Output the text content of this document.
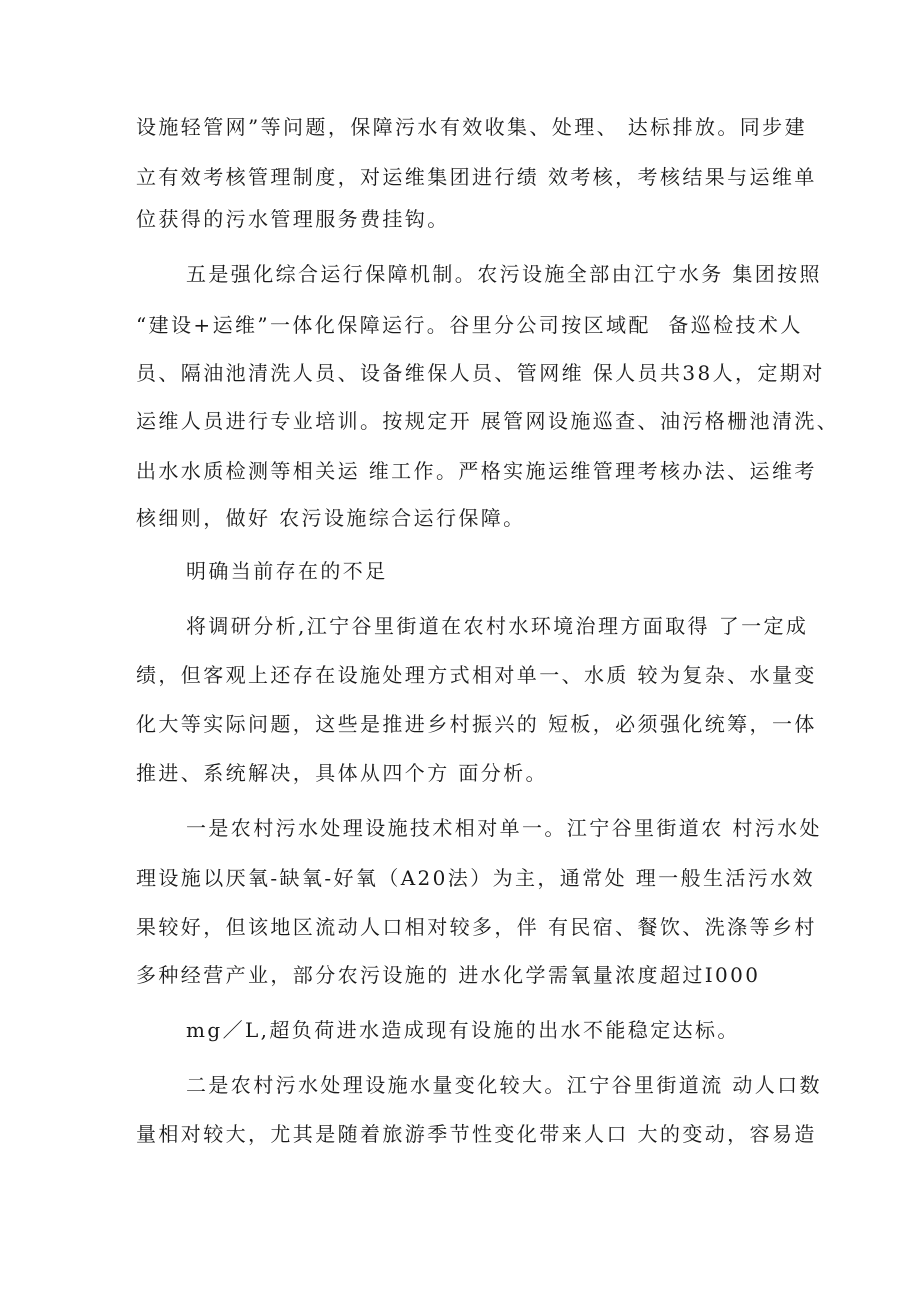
设施轻管网”等问题，保障污水有效收集、处理、 达标排放。同步建
立有效考核管理制度，对运维集团进行绩 效考核，考核结果与运维单
位获得的污水管理服务费挂钩。
五是强化综合运行保障机制。农污设施全部由江宁水务 集团按照
“建设+运维”一体化保障运行。谷里分公司按区域配  备巡检技术人
员、隔油池清洗人员、设备维保人员、管网维 保人员共38人，定期对
运维人员进行专业培训。按规定开 展管网设施巡查、油污格栅池清洗、
出水水质检测等相关运 维工作。严格实施运维管理考核办法、运维考
核细则，做好 农污设施综合运行保障。
明确当前存在的不足
将调研分析,江宁谷里街道在农村水环境治理方面取得 了一定成
绩，但客观上还存在设施处理方式相对单一、水质 较为复杂、水量变
化大等实际问题，这些是推进乡村振兴的 短板，必须强化统筹，一体
推进、系统解决，具体从四个方 面分析。
一是农村污水处理设施技术相对单一。江宁谷里街道农 村污水处
理设施以厌氧-缺氧-好氧（A20法）为主，通常处 理一般生活污水效
果较好，但该地区流动人口相对较多，伴 有民宿、餐饮、洗涤等乡村
多种经营产业，部分农污设施的 进水化学需氧量浓度超过I000
mg／L,超负荷进水造成现有设施的出水不能稳定达标。
二是农村污水处理设施水量变化较大。江宁谷里街道流 动人口数
量相对较大，尤其是随着旅游季节性变化带来人口 大的变动，容易造
